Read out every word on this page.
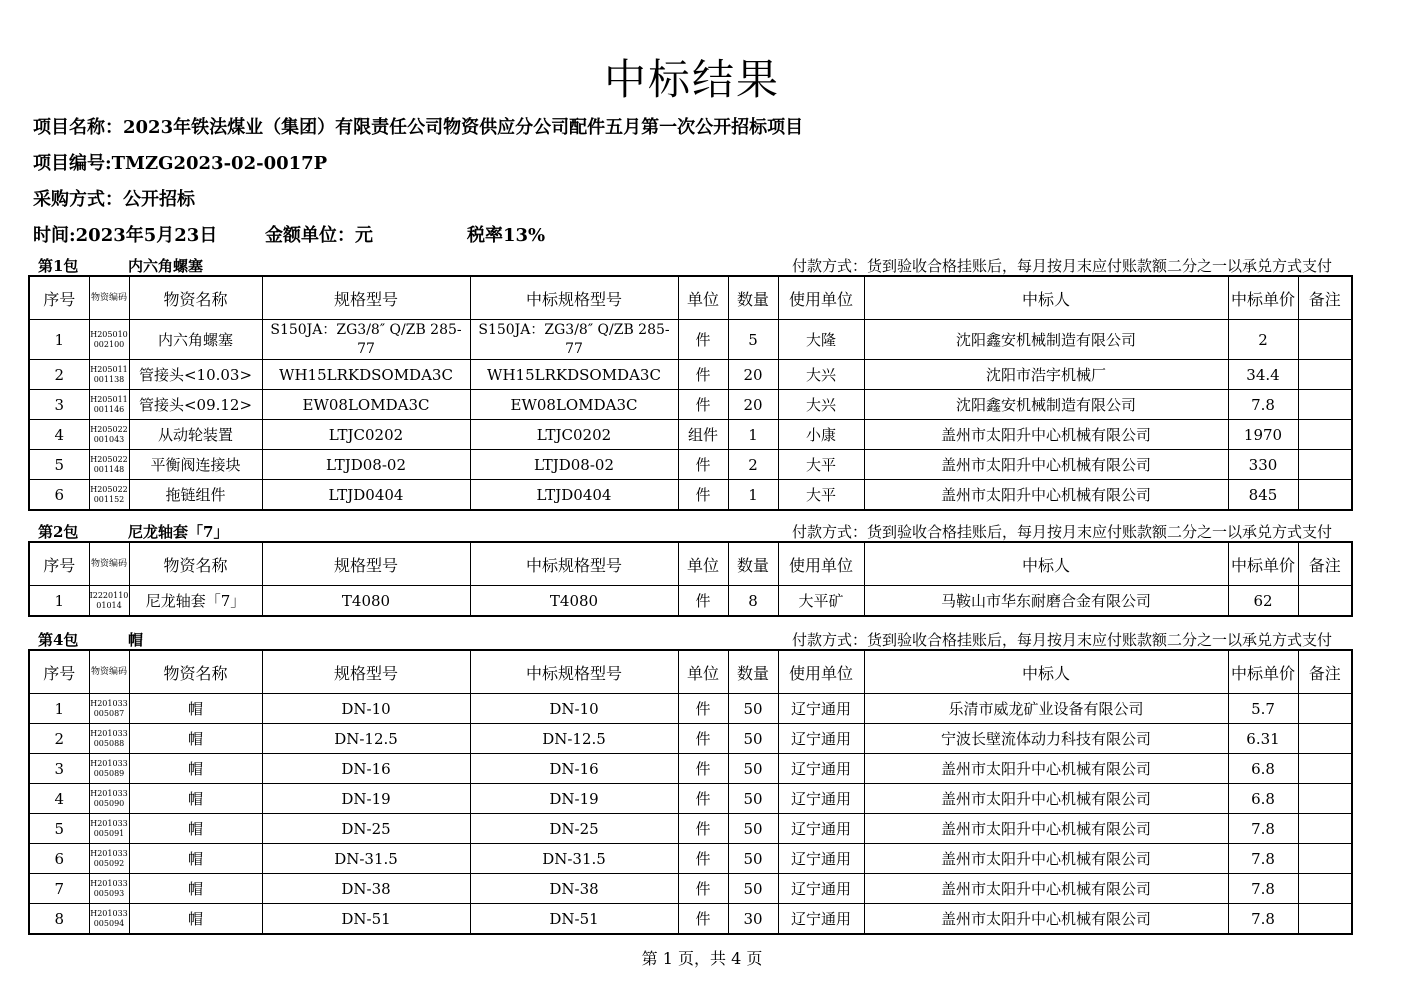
中标结果
项目名称：2023年铁法煤业（集团）有限责任公司物资供应分公司配件五月第一次公开招标项目
项目编号:TMZG2023-02-0017P
采购方式：公开招标
时间:2023年5月23日	金额单位：元	税率13%
第1包	内六角螺塞	付款方式：货到验收合格挂账后，每月按月末应付账款额二分之一以承兑方式支付
序号	物资编码	物资名称	规格型号	中标规格型号	单位	数量	使用单位	中标人	中标单价	备注
1	H205010002100	内六角螺塞	S150JA：ZG3/8″ Q/ZB 285-77	S150JA：ZG3/8″ Q/ZB 285-77	件	5	大隆	沈阳鑫安机械制造有限公司	2	
2	H205011001138	管接头<10.03>	WH15LRKDSOMDA3C	WH15LRKDSOMDA3C	件	20	大兴	沈阳市浩宇机械厂	34.4	
3	H205011001146	管接头<09.12>	EW08LOMDA3C	EW08LOMDA3C	件	20	大兴	沈阳鑫安机械制造有限公司	7.8	
4	H205022001043	从动轮装置	LTJC0202	LTJC0202	组件	1	小康	盖州市太阳升中心机械有限公司	1970	
5	H205022001148	平衡阀连接块	LTJD08-02	LTJD08-02	件	2	大平	盖州市太阳升中心机械有限公司	330	
6	H205022001152	拖链组件	LTJD0404	LTJD0404	件	1	大平	盖州市太阳升中心机械有限公司	845	
第2包	尼龙轴套「7」	付款方式：货到验收合格挂账后，每月按月末应付账款额二分之一以承兑方式支付
序号	物资编码	物资名称	规格型号	中标规格型号	单位	数量	使用单位	中标人	中标单价	备注
1	I222011001014	尼龙轴套「7」	T4080	T4080	件	8	大平矿	马鞍山市华东耐磨合金有限公司	62	
第4包	帽	付款方式：货到验收合格挂账后，每月按月末应付账款额二分之一以承兑方式支付
序号	物资编码	物资名称	规格型号	中标规格型号	单位	数量	使用单位	中标人	中标单价	备注
1	H201033005087	帽	DN-10	DN-10	件	50	辽宁通用	乐清市威龙矿业设备有限公司	5.7	
2	H201033005088	帽	DN-12.5	DN-12.5	件	50	辽宁通用	宁波长壁流体动力科技有限公司	6.31	
3	H201033005089	帽	DN-16	DN-16	件	50	辽宁通用	盖州市太阳升中心机械有限公司	6.8	
4	H201033005090	帽	DN-19	DN-19	件	50	辽宁通用	盖州市太阳升中心机械有限公司	6.8	
5	H201033005091	帽	DN-25	DN-25	件	50	辽宁通用	盖州市太阳升中心机械有限公司	7.8	
6	H201033005092	帽	DN-31.5	DN-31.5	件	50	辽宁通用	盖州市太阳升中心机械有限公司	7.8	
7	H201033005093	帽	DN-38	DN-38	件	50	辽宁通用	盖州市太阳升中心机械有限公司	7.8	
8	H201033005094	帽	DN-51	DN-51	件	30	辽宁通用	盖州市太阳升中心机械有限公司	7.8	
第 1 页，共 4 页
